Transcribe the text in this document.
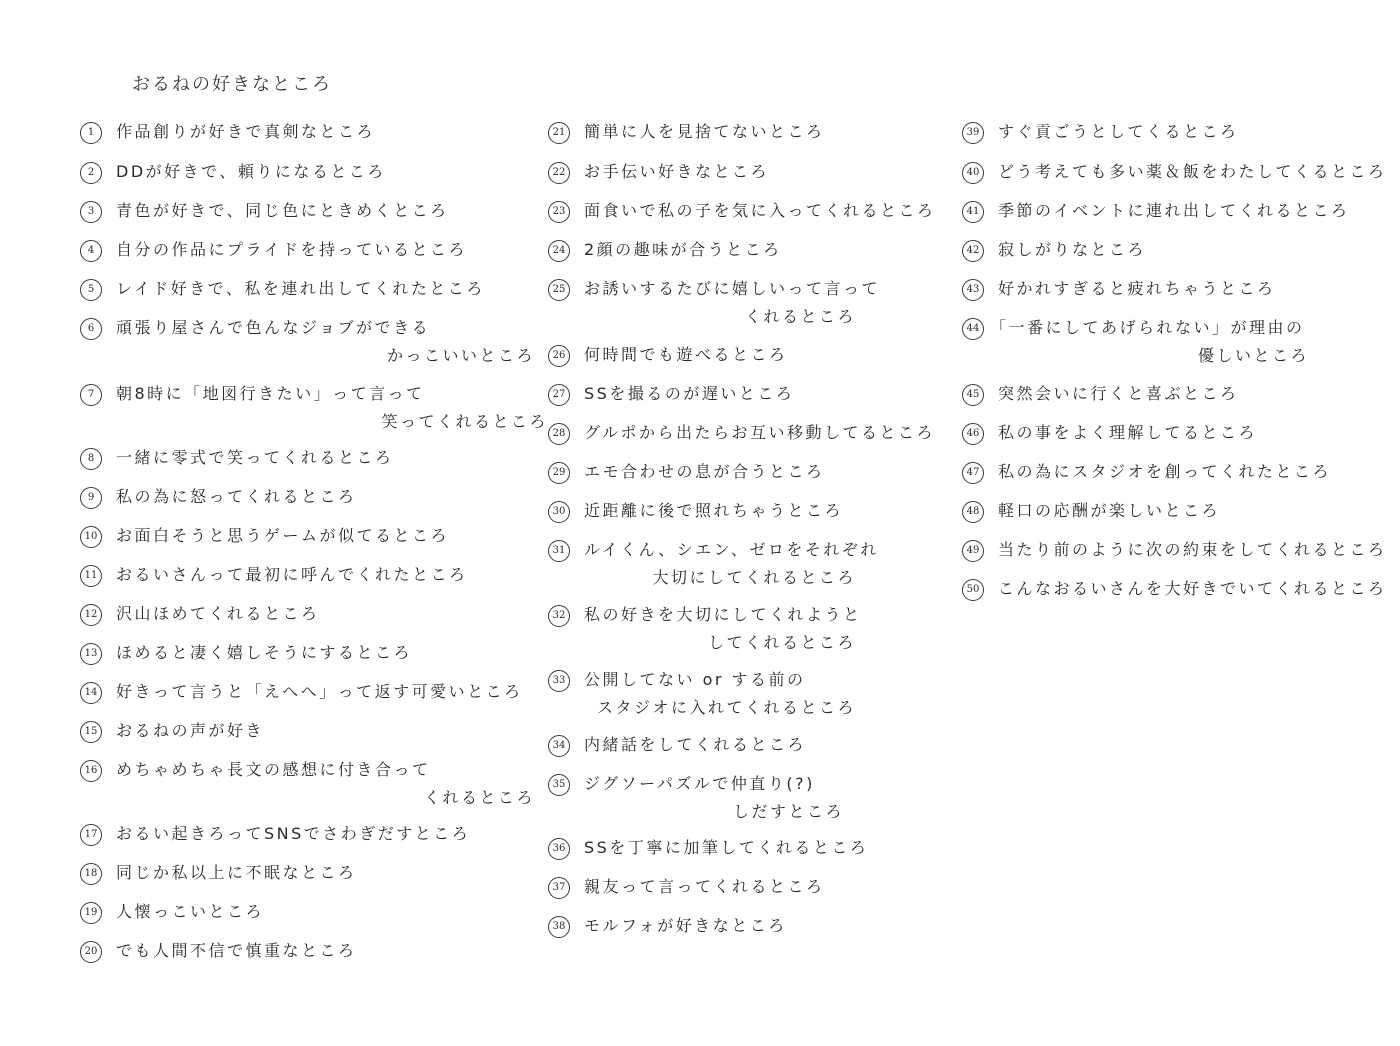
おるねの好きなところ
1	作品創りが好きで真剣なところ
2	DDが好きで、頼りになるところ
3	青色が好きで、同じ色にときめくところ
4	自分の作品にプライドを持っているところ
5	レイド好きで、私を連れ出してくれたところ
6	頑張り屋さんで色んなジョブができる
かっこいいところ
7	朝8時に「地図行きたい」って言って
笑ってくれるところ
8	一緒に零式で笑ってくれるところ
9	私の為に怒ってくれるところ
10 お面白そうと思うゲームが似てるところ
11 おるいさんって最初に呼んでくれたところ
12 沢山ほめてくれるところ
13 ほめると凄く嬉しそうにするところ
14 好きって言うと「えへへ」って返す可愛いところ
15 おるねの声が好き
16 めちゃめちゃ長文の感想に付き合って
くれるところ
17 おるい起きろってSNSでさわぎだすところ
18 同じか私以上に不眠なところ
19 人懐っこいところ
20 でも人間不信で慎重なところ
21 簡単に人を見捨てないところ
22 お手伝い好きなところ
23 面食いで私の子を気に入ってくれるところ
24 2顔の趣味が合うところ
25 お誘いするたびに嬉しいって言って
くれるところ
26 何時間でも遊べるところ
27 SSを撮るのが遅いところ
28 グルポから出たらお互い移動してるところ
29 エモ合わせの息が合うところ
30 近距離に後で照れちゃうところ
31 ルイくん、シエン、ゼロをそれぞれ
大切にしてくれるところ
32 私の好きを大切にしてくれようと
してくれるところ
33 公開してない or する前の
スタジオに入れてくれるところ
34 内緒話をしてくれるところ
35 ジグソーパズルで仲直り(?)
しだすところ
36 SSを丁寧に加筆してくれるところ
37 親友って言ってくれるところ
38 モルフォが好きなところ
39 すぐ貢ごうとしてくるところ
40 どう考えても多い薬＆飯をわたしてくるところ
41 季節のイベントに連れ出してくれるところ
42 寂しがりなところ
43 好かれすぎると疲れちゃうところ
44 「一番にしてあげられない」が理由の
優しいところ
45 突然会いに行くと喜ぶところ
46 私の事をよく理解してるところ
47 私の為にスタジオを創ってくれたところ
48 軽口の応酬が楽しいところ
49 当たり前のように次の約束をしてくれるところ
50 こんなおるいさんを大好きでいてくれるところ
